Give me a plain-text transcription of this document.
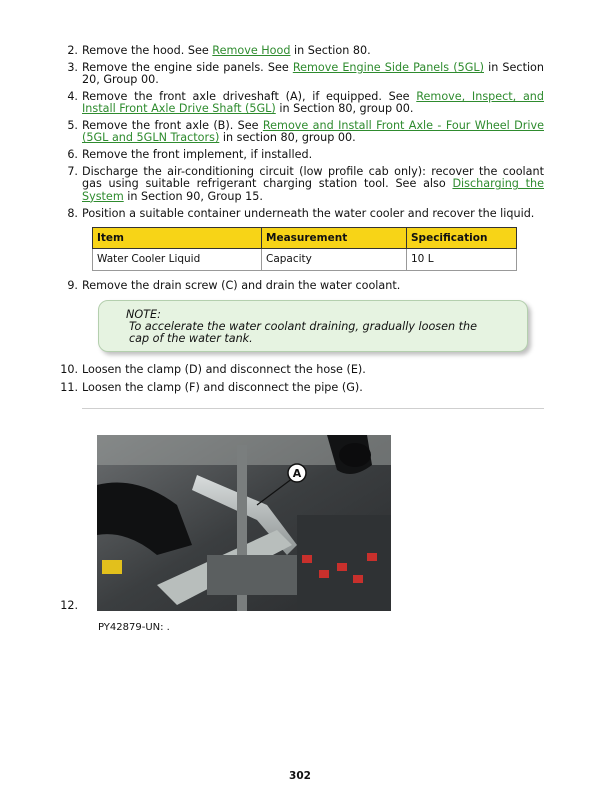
2. Remove the hood. See Remove Hood in Section 80.
3. Remove the engine side panels. See Remove Engine Side Panels (5GL) in Section 20, Group 00.
4. Remove the front axle driveshaft (A), if equipped. See Remove, Inspect, and Install Front Axle Drive Shaft (5GL) in Section 80, group 00.
5. Remove the front axle (B). See Remove and Install Front Axle - Four Wheel Drive (5GL and 5GLN Tractors) in section 80, group 00.
6. Remove the front implement, if installed.
7. Discharge the air-conditioning circuit (low profile cab only): recover the coolant gas using suitable refrigerant charging station tool. See also Discharging the System in Section 90, Group 15.
8. Position a suitable container underneath the water cooler and recover the liquid.
Item	Measurement	Specification
Water Cooler Liquid	Capacity	10 L
9. Remove the drain screw (C) and drain the water coolant.
NOTE:
To accelerate the water coolant draining, gradually loosen the cap of the water tank.
10. Loosen the clamp (D) and disconnect the hose (E).
11. Loosen the clamp (F) and disconnect the pipe (G).
12.
A
PY42879-UN: .
302
